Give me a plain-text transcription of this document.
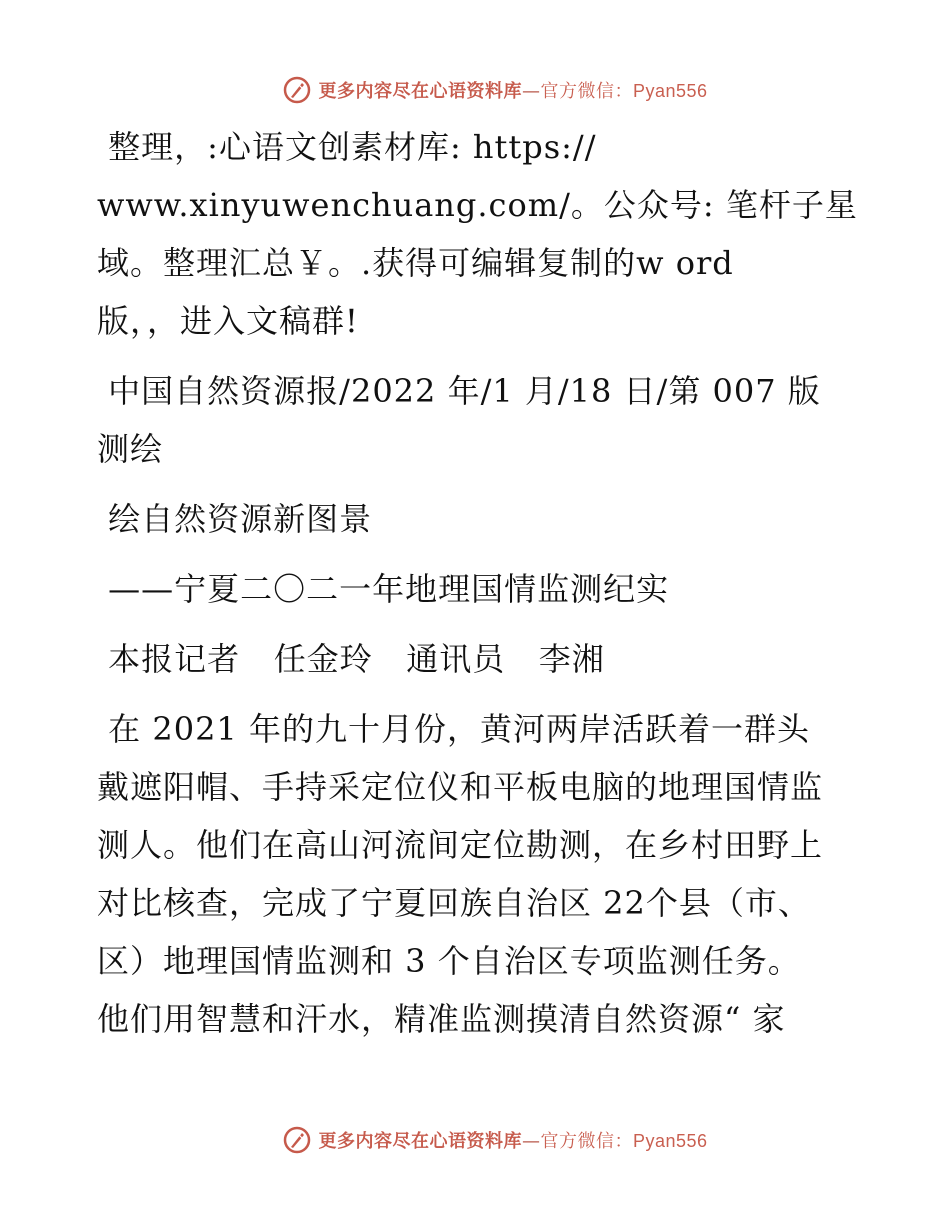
更多内容尽在心语资料库—官方微信：Pyan556

整理，:心语文创素材库: https://

www.xinyuwenchuang.com/。公众号: 笔杆子星

域。整理汇总￥。.获得可编辑复制的w ord

版，，进入文稿群!

中国自然资源报/2022 年/1 月/18 日/第 007 版

测绘

绘自然资源新图景

——宁夏二〇二一年地理国情监测纪实

本报记者   任金玲   通讯员   李湘

在 2021 年的九十月份，黄河两岸活跃着一群头

戴遮阳帽、手持采定位仪和平板电脑的地理国情监

测人。他们在高山河流间定位勘测，在乡村田野上

对比核查，完成了宁夏回族自治区 22个县（市、

区）地理国情监测和 3 个自治区专项监测任务。

他们用智慧和汗水，精准监测摸清自然资源“ 家

更多内容尽在心语资料库—官方微信：Pyan556
